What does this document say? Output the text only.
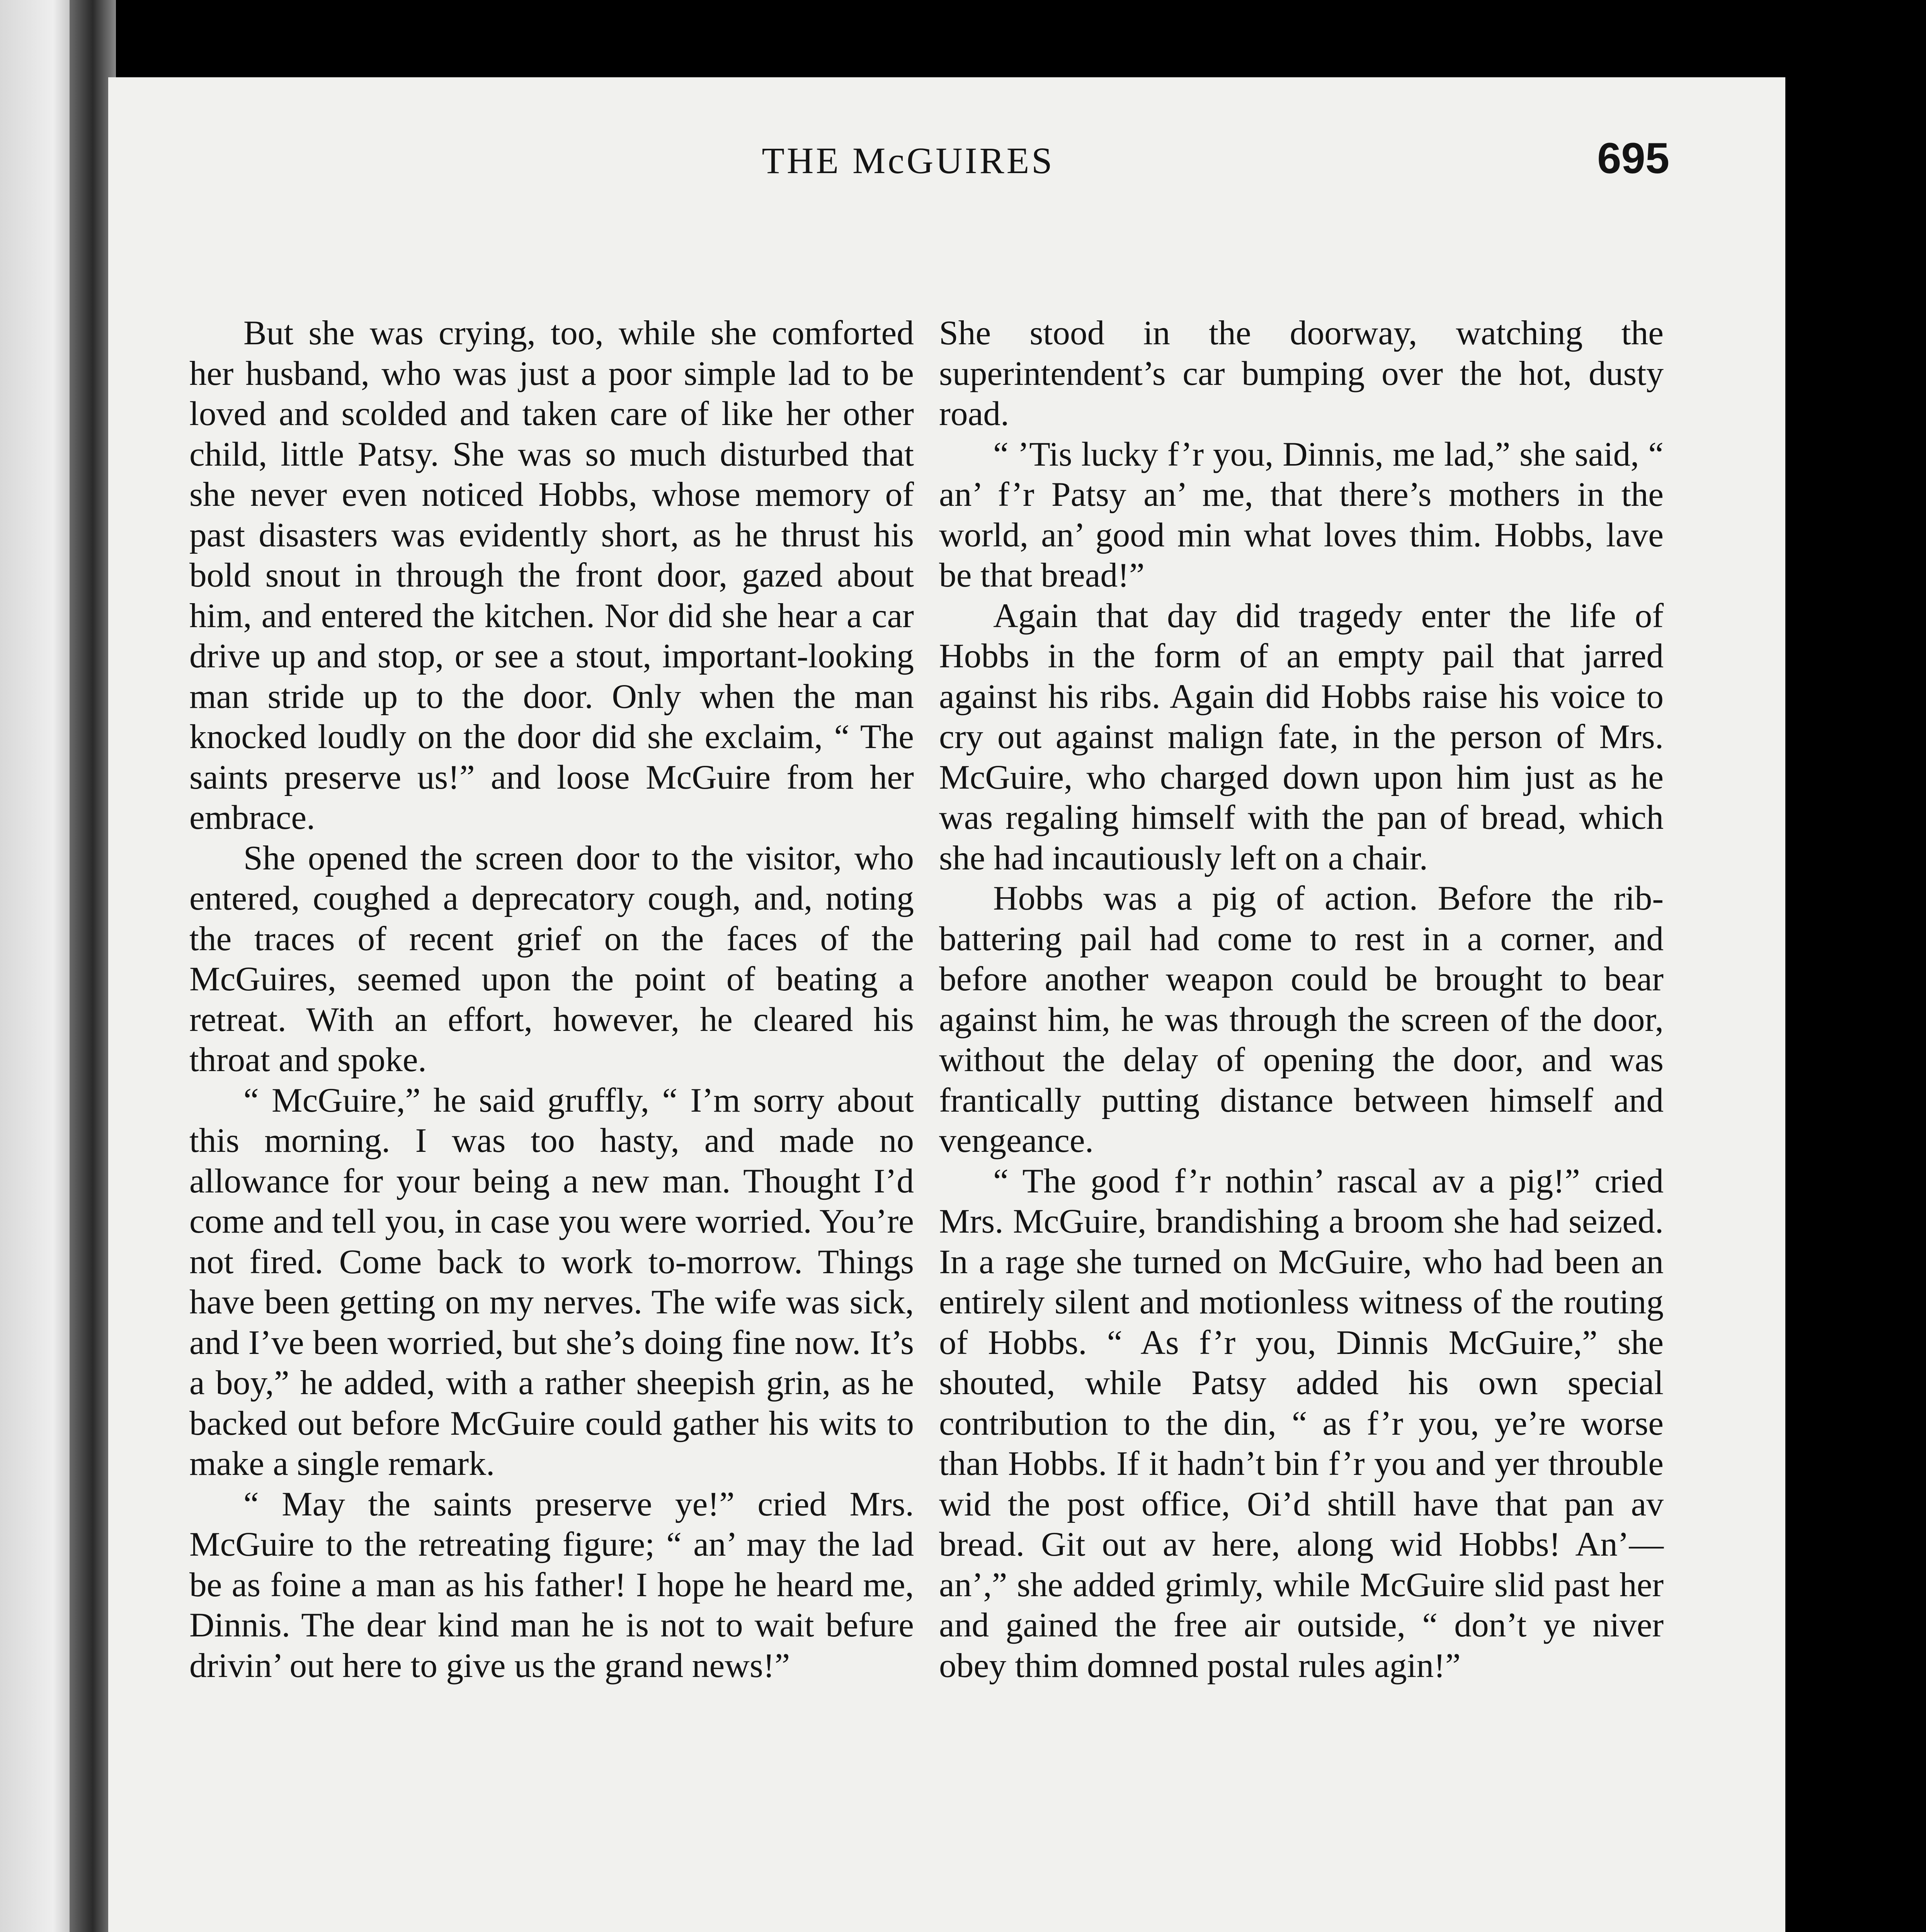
THE McGUIRES	695

But she was crying, too, while she comforted her husband, who was just a poor simple lad to be loved and scolded and taken care of like her other child, little Patsy. She was so much disturbed that she never even noticed Hobbs, whose memory of past disasters was evidently short, as he thrust his bold snout in through the front door, gazed about him, and entered the kitchen. Nor did she hear a car drive up and stop, or see a stout, important-looking man stride up to the door. Only when the man knocked loudly on the door did she exclaim, “ The saints preserve us!” and loose McGuire from her embrace.

She opened the screen door to the visitor, who entered, coughed a deprecatory cough, and, noting the traces of recent grief on the faces of the McGuires, seemed upon the point of beating a retreat. With an effort, however, he cleared his throat and spoke.

“ McGuire,” he said gruffly, “ I’m sorry about this morning. I was too hasty, and made no allowance for your being a new man. Thought I’d come and tell you, in case you were worried. You’re not fired. Come back to work to-morrow. Things have been getting on my nerves. The wife was sick, and I’ve been worried, but she’s doing fine now. It’s a boy,” he added, with a rather sheepish grin, as he backed out before McGuire could gather his wits to make a single remark.

“ May the saints preserve ye!” cried Mrs. McGuire to the retreating figure; “ an’ may the lad be as foine a man as his father! I hope he heard me, Dinnis. The dear kind man he is not to wait befure drivin’ out here to give us the grand news!”

She stood in the doorway, watching the superintendent’s car bumping over the hot, dusty road.

“ ’Tis lucky f’r you, Dinnis, me lad,” she said, “ an’ f’r Patsy an’ me, that there’s mothers in the world, an’ good min what loves thim. Hobbs, lave be that bread!”

Again that day did tragedy enter the life of Hobbs in the form of an empty pail that jarred against his ribs. Again did Hobbs raise his voice to cry out against malign fate, in the person of Mrs. McGuire, who charged down upon him just as he was regaling himself with the pan of bread, which she had incautiously left on a chair.

Hobbs was a pig of action. Before the rib-battering pail had come to rest in a corner, and before another weapon could be brought to bear against him, he was through the screen of the door, without the delay of opening the door, and was frantically putting distance between himself and vengeance.

“ The good f’r nothin’ rascal av a pig!” cried Mrs. McGuire, brandishing a broom she had seized. In a rage she turned on McGuire, who had been an entirely silent and motionless witness of the routing of Hobbs. “ As f’r you, Dinnis McGuire,” she shouted, while Patsy added his own special contribution to the din, “ as f’r you, ye’re worse than Hobbs. If it hadn’t bin f’r you and yer throuble wid the post office, Oi’d shtill have that pan av bread. Git out av here, along wid Hobbs! An’—an’,” she added grimly, while McGuire slid past her and gained the free air outside, “ don’t ye niver obey thim domned postal rules agin!”
